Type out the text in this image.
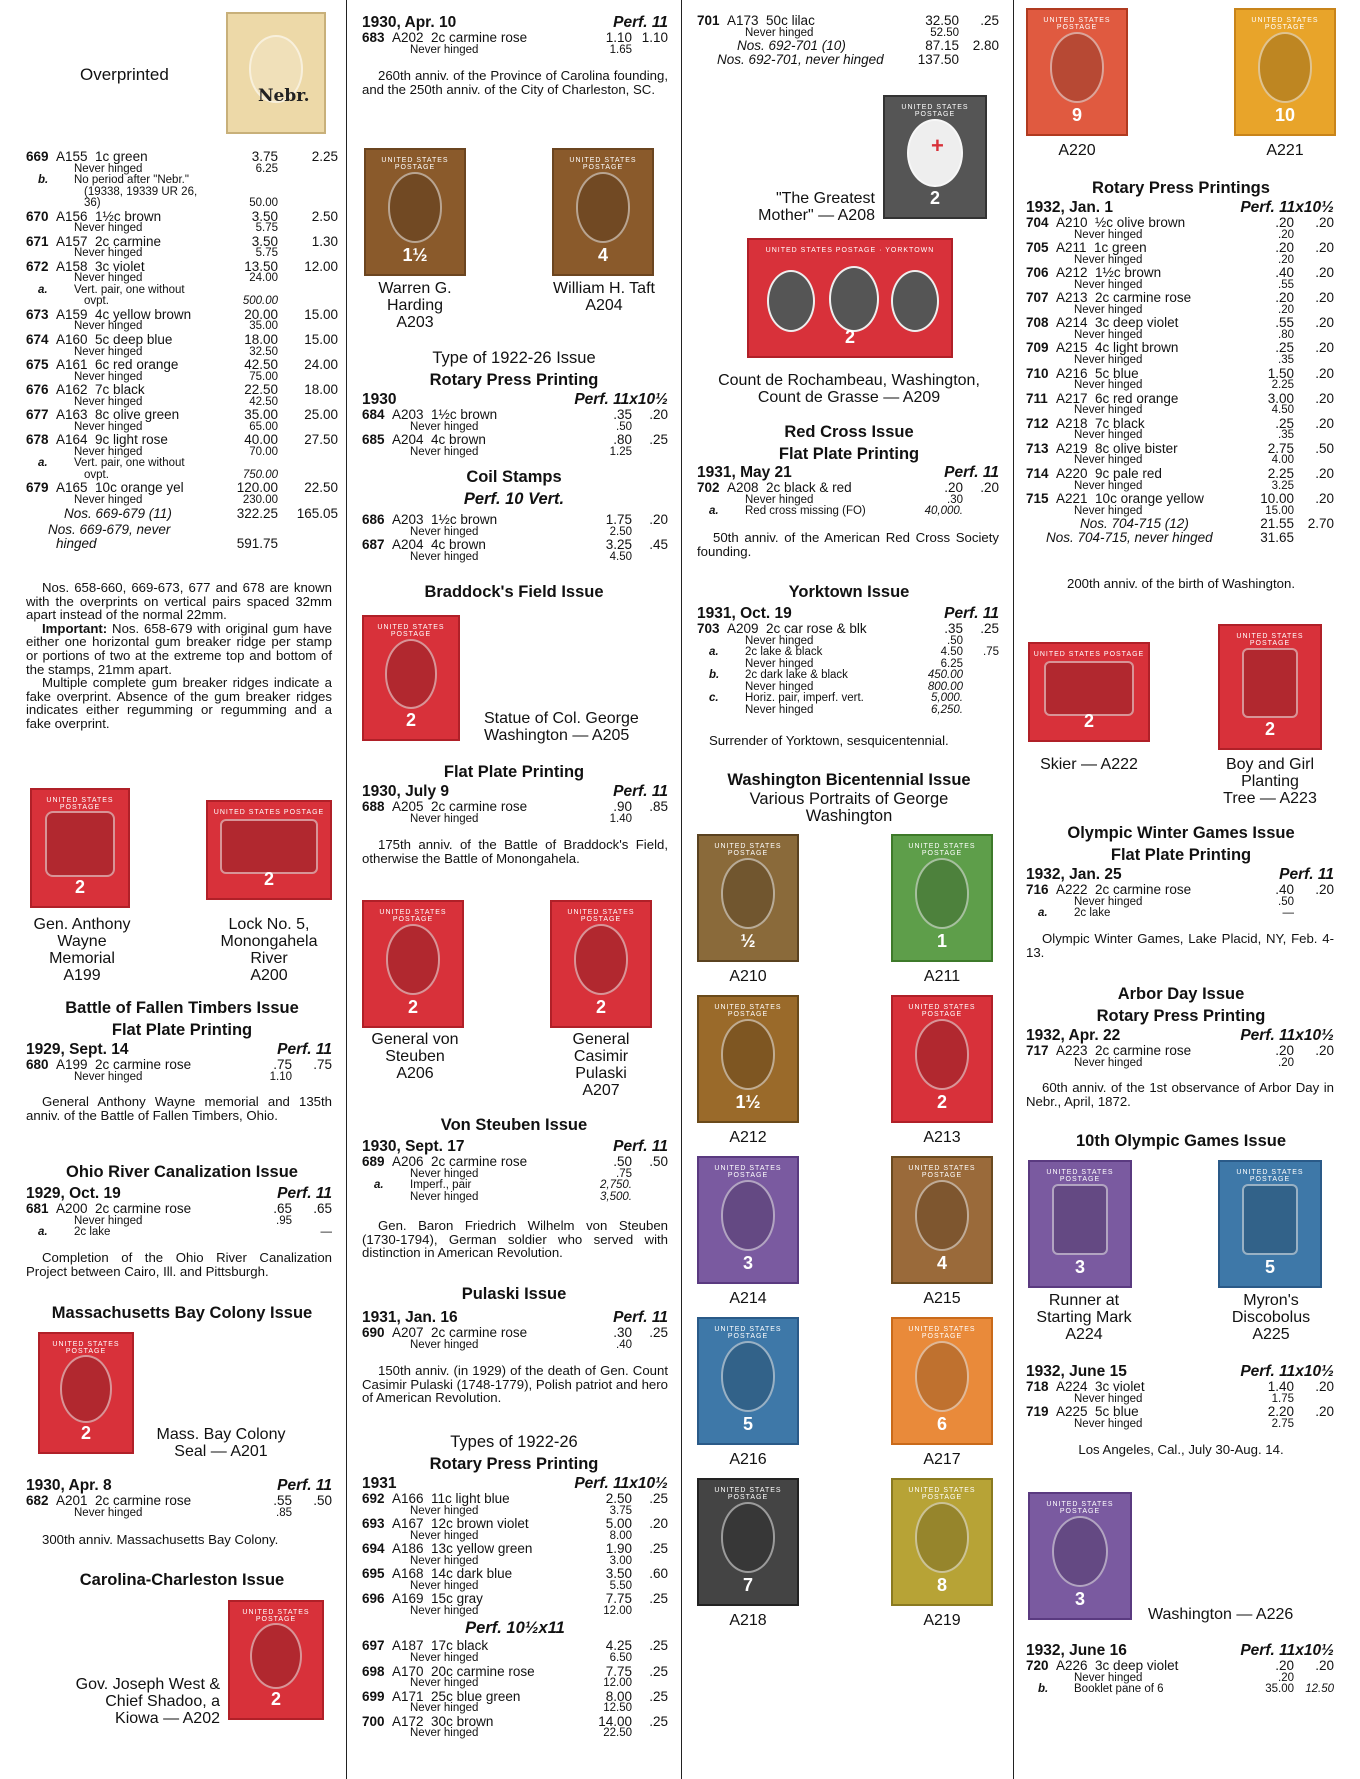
Overprinted
Nebr.
669 A155 1c green	3.75 2.25
Never hinged	6.25
b. No period after "Nebr."
(19338, 19339 UR 26,
36)	50.00
670 A156 1½c brown	3.50 2.50
Never hinged	5.75
671 A157 2c carmine	3.50 1.30
Never hinged	5.75
672 A158 3c violet	13.50 12.00
Never hinged	24.00
a. Vert. pair, one without
ovpt.	500.00
673 A159 4c yellow brown	20.00 15.00
Never hinged	35.00
674 A160 5c deep blue	18.00 15.00
Never hinged	32.50
675 A161 6c red orange	42.50 24.00
Never hinged	75.00
676 A162 7c black	22.50 18.00
Never hinged	42.50
677 A163 8c olive green	35.00 25.00
Never hinged	65.00
678 A164 9c light rose	40.00 27.50
Never hinged	70.00
a. Vert. pair, one without
ovpt.	750.00
679 A165 10c orange yel	120.00 22.50
Never hinged	230.00
Nos. 669-679 (11)	322.25 165.05
Nos. 669-679, never
hinged	591.75
Nos. 658-660, 669-673, 677 and 678 are known with the overprints on vertical pairs spaced 32mm apart instead of the normal 22mm.
Important: Nos. 658-679 with original gum have either one horizontal gum breaker ridge per stamp or portions of two at the extreme top and bottom of the stamps, 21mm apart.
Multiple complete gum breaker ridges indicate a fake overprint. Absence of the gum breaker ridges indicates either regumming or regumming and a fake overprint.
UNITED STATES POSTAGE
2
UNITED STATES POSTAGE
2
Gen. Anthony
Wayne
Memorial
A199
Lock No. 5,
Monongahela
River
A200
Battle of Fallen Timbers Issue
Flat Plate Printing
1929, Sept. 14	Perf. 11
680 A199 2c carmine rose	.75 .75
Never hinged	1.10
General Anthony Wayne memorial and 135th anniv. of the Battle of Fallen Timbers, Ohio.
Ohio River Canalization Issue
1929, Oct. 19	Perf. 11
681 A200 2c carmine rose	.65 .65
Never hinged	.95
a. 2c lake	—
Completion of the Ohio River Canalization Project between Cairo, Ill. and Pittsburgh.
Massachusetts Bay Colony Issue
UNITED STATES POSTAGE
2	Mass. Bay Colony
Seal — A201
1930, Apr. 8	Perf. 11
682 A201 2c carmine rose	.55 .50
Never hinged	.85
300th anniv. Massachusetts Bay Colony.
Carolina-Charleston Issue
UNITED STATES POSTAGE
2
Gov. Joseph West &
Chief Shadoo, a
Kiowa — A202
1930, Apr. 10	Perf. 11
683 A202 2c carmine rose	1.10 1.10
Never hinged	1.65
260th anniv. of the Province of Carolina founding, and the 250th anniv. of the City of Charleston, SC.
UNITED STATES POSTAGE
1½
UNITED STATES POSTAGE
4
Warren G.
Harding
A203
William H. Taft
A204
Type of 1922-26 Issue
Rotary Press Printing
1930	Perf. 11x10½
684 A203 1½c brown	.35 .20
Never hinged	.50
685 A204 4c brown	.80 .25
Never hinged	1.25
Coil Stamps
Perf. 10 Vert.
686 A203 1½c brown	1.75 .20
Never hinged	2.50
687 A204 4c brown	3.25 .45
Never hinged	4.50
Braddock's Field Issue
UNITED STATES POSTAGE
2	Statue of Col. George
Washington — A205
Flat Plate Printing
1930, July 9	Perf. 11
688 A205 2c carmine rose	.90 .85
Never hinged	1.40
175th anniv. of the Battle of Braddock's Field, otherwise the Battle of Monongahela.
UNITED STATES POSTAGE
2
UNITED STATES POSTAGE
2
General von
Steuben
A206
General
Casimir
Pulaski
A207
Von Steuben Issue
1930, Sept. 17	Perf. 11
689 A206 2c carmine rose	.50 .50
Never hinged	.75
a. Imperf., pair	2,750.
Never hinged	3,500.
Gen. Baron Friedrich Wilhelm von Steuben (1730-1794), German soldier who served with distinction in American Revolution.
Pulaski Issue
1931, Jan. 16	Perf. 11
690 A207 2c carmine rose	.30 .25
Never hinged	.40
150th anniv. (in 1929) of the death of Gen. Count Casimir Pulaski (1748-1779), Polish patriot and hero of American Revolution.
Types of 1922-26
Rotary Press Printing
1931	Perf. 11x10½
692 A166 11c light blue	2.50 .25
Never hinged	3.75
693 A167 12c brown violet	5.00 .20
Never hinged	8.00
694 A186 13c yellow green	1.90 .25
Never hinged	3.00
695 A168 14c dark blue	3.50 .60
Never hinged	5.50
696 A169 15c gray	7.75 .25
Never hinged	12.00
Perf. 10½x11
697 A187 17c black	4.25 .25
Never hinged	6.50
698 A170 20c carmine rose	7.75 .25
Never hinged	12.00
699 A171 25c blue green	8.00 .25
Never hinged	12.50
700 A172 30c brown	14.00 .25
Never hinged	22.50
701 A173 50c lilac	32.50 .25
Never hinged	52.50
Nos. 692-701 (10)	87.15 2.80
Nos. 692-701, never hinged	137.50
UNITED STATES POSTAGE
+
2
"The Greatest
Mother" — A208
UNITED STATES POSTAGE · YORKTOWN
2
Count de Rochambeau, Washington,
Count de Grasse — A209
Red Cross Issue
Flat Plate Printing
1931, May 21	Perf. 11
702 A208 2c black & red	.20 .20
Never hinged	.30
a. Red cross missing (FO)	40,000.
50th anniv. of the American Red Cross Society founding.
Yorktown Issue
1931, Oct. 19	Perf. 11
703 A209 2c car rose & blk	.35 .25
Never hinged	.50
a. 2c lake & black	4.50 .75
Never hinged	6.25
b. 2c dark lake & black	450.00
Never hinged	800.00
c. Horiz. pair, imperf. vert.	5,000.
Never hinged	6,250.
Surrender of Yorktown, sesquicentennial.
Washington Bicentennial Issue
Various Portraits of George
Washington
UNITED STATES POSTAGE
½
UNITED STATES POSTAGE
1
A210	A211
UNITED STATES POSTAGE
1½
UNITED STATES POSTAGE
2
A212	A213
UNITED STATES POSTAGE
3
UNITED STATES POSTAGE
4
A214	A215
UNITED STATES POSTAGE
5
UNITED STATES POSTAGE
6
A216	A217
UNITED STATES POSTAGE
7
UNITED STATES POSTAGE
8
A218	A219
UNITED STATES POSTAGE
9
UNITED STATES POSTAGE
10
A220	A221
Rotary Press Printings
1932, Jan. 1	Perf. 11x10½
704 A210 ½c olive brown	.20 .20
Never hinged	.20
705 A211 1c green	.20 .20
Never hinged	.20
706 A212 1½c brown	.40 .20
Never hinged	.55
707 A213 2c carmine rose	.20 .20
Never hinged	.20
708 A214 3c deep violet	.55 .20
Never hinged	.80
709 A215 4c light brown	.25 .20
Never hinged	.35
710 A216 5c blue	1.50 .20
Never hinged	2.25
711 A217 6c red orange	3.00 .20
Never hinged	4.50
712 A218 7c black	.25 .20
Never hinged	.35
713 A219 8c olive bister	2.75 .50
Never hinged	4.00
714 A220 9c pale red	2.25 .20
Never hinged	3.25
715 A221 10c orange yellow	10.00 .20
Never hinged	15.00
Nos. 704-715 (12)	21.55 2.70
Nos. 704-715, never hinged	31.65
200th anniv. of the birth of Washington.
UNITED STATES POSTAGE
2
UNITED STATES POSTAGE
2
Skier — A222	Boy and Girl
Planting
Tree — A223
Olympic Winter Games Issue
Flat Plate Printing
1932, Jan. 25	Perf. 11
716 A222 2c carmine rose	.40 .20
Never hinged	.50
a. 2c lake	—
Olympic Winter Games, Lake Placid, NY, Feb. 4-13.
Arbor Day Issue
Rotary Press Printing
1932, Apr. 22	Perf. 11x10½
717 A223 2c carmine rose	.20 .20
Never hinged	.20
60th anniv. of the 1st observance of Arbor Day in Nebr., April, 1872.
10th Olympic Games Issue
UNITED STATES POSTAGE
3
UNITED STATES POSTAGE
5
Runner at
Starting Mark
A224
Myron's
Discobolus
A225
1932, June 15	Perf. 11x10½
718 A224 3c violet	1.40 .20
Never hinged	1.75
719 A225 5c blue	2.20 .20
Never hinged	2.75
Los Angeles, Cal., July 30-Aug. 14.
UNITED STATES POSTAGE
3
Washington — A226
1932, June 16	Perf. 11x10½
720 A226 3c deep violet	.20 .20
Never hinged	.20
b. Booklet pane of 6	35.00 12.50
